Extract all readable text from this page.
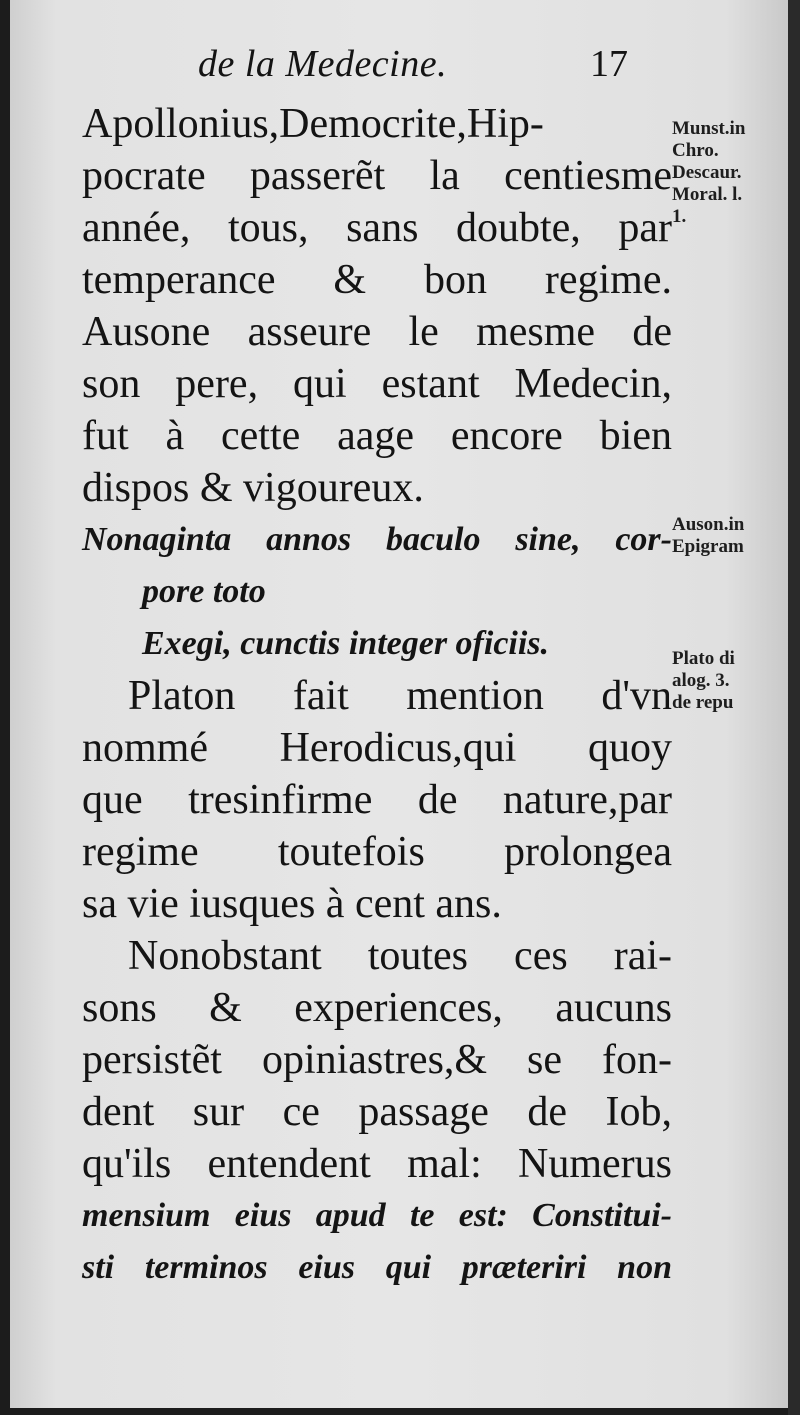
de la Medecine.	17
Apollonius,Democrite,Hip-
pocrate passerẽt la centiesme
année, tous, sans doubte, par
temperance & bon regime.
Ausone asseure le mesme de
son pere, qui estant Medecin,
fut à cette aage encore bien
dispos & vigoureux.
Nonaginta annos baculo sine, cor-
pore toto
Exegi, cunctis integer oficiis.
Platon fait mention d'vn
nommé Herodicus,qui quoy
que tresinfirme de nature,par
regime toutefois prolongea
sa vie iusques à cent ans.
Nonobstant toutes ces rai-
sons & experiences, aucuns
persistẽt opiniastres,& se fon-
dent sur ce passage de Iob,
qu'ils entendent mal: Numerus
mensium eius apud te est: Constitui-
sti terminos eius qui præteriri non
Munst.in
Chro.
Descaur.
Moral. l.
1.
Auson.in
Epigram
Plato di
alog. 3.
de repu
